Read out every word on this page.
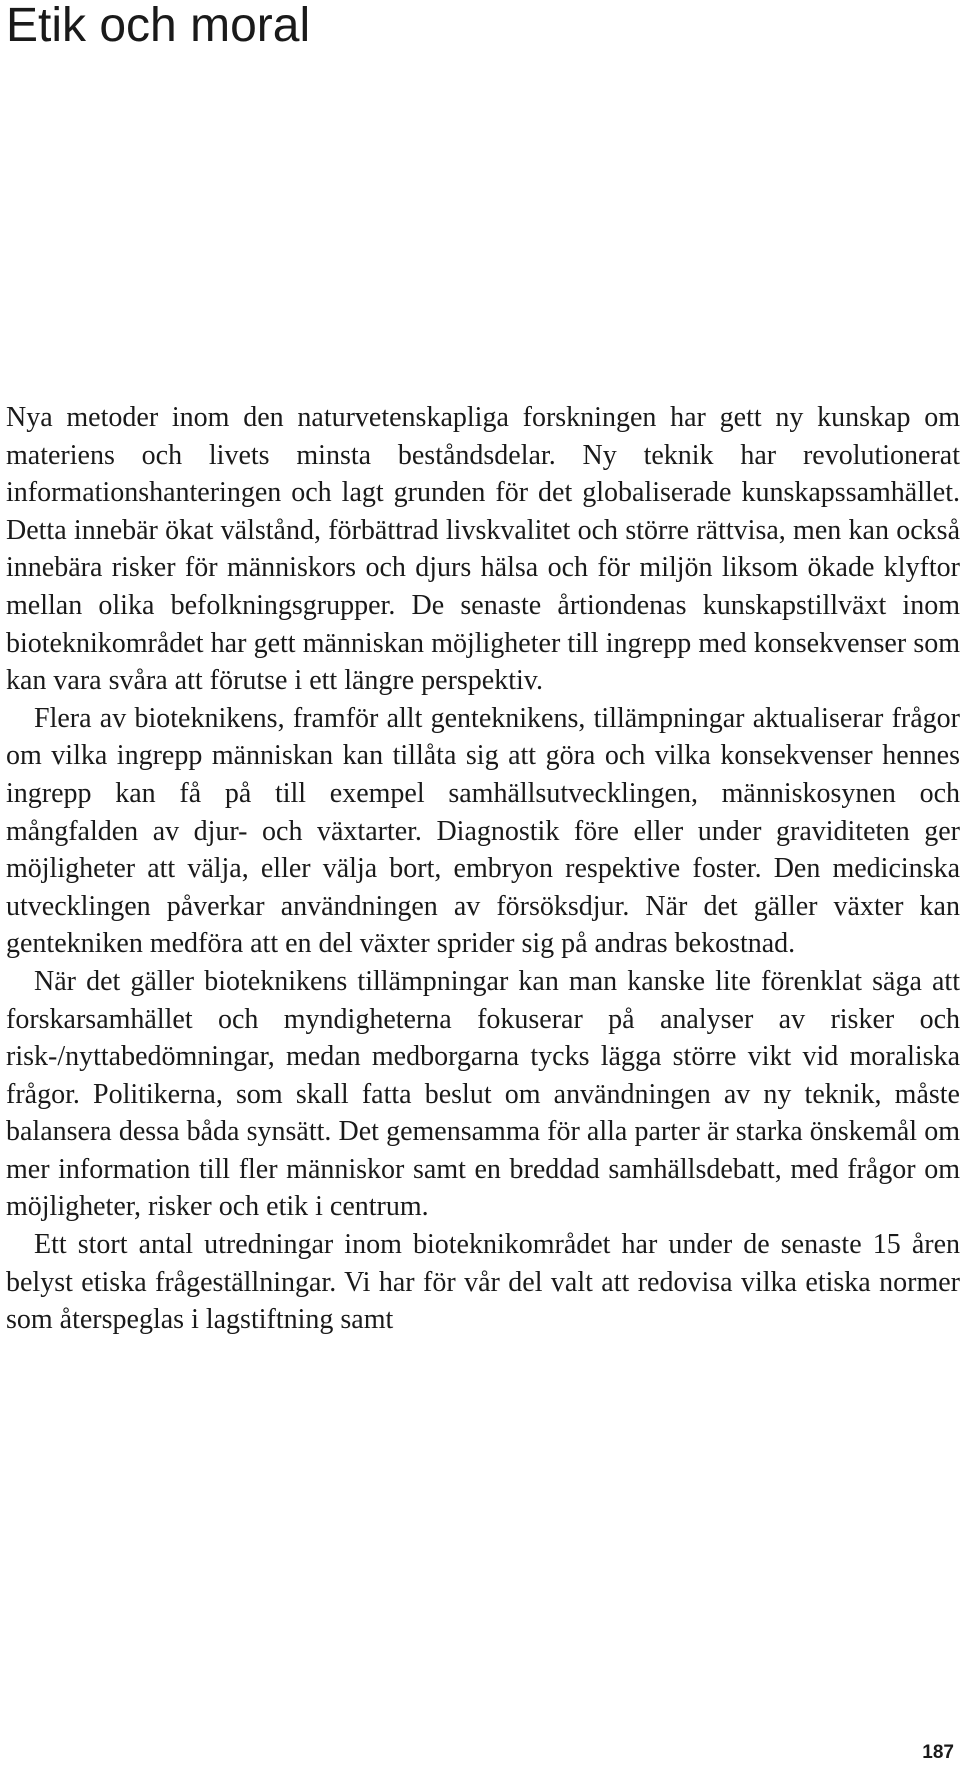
Etik och moral

Nya metoder inom den naturvetenskapliga forskningen har gett ny kunskap om materiens och livets minsta beståndsdelar. Ny teknik har revolutionerat informationshanteringen och lagt grunden för det globaliserade kunskapssamhället. Detta innebär ökat välstånd, förbättrad livskvalitet och större rättvisa, men kan också innebära risker för människors och djurs hälsa och för miljön liksom ökade klyftor mellan olika befolkningsgrupper. De senaste årtiondenas kunskapstillväxt inom bioteknikområdet har gett människan möjligheter till ingrepp med konsekvenser som kan vara svåra att förutse i ett längre perspektiv.

Flera av bioteknikens, framför allt genteknikens, tillämpningar aktualiserar frågor om vilka ingrepp människan kan tillåta sig att göra och vilka konsekvenser hennes ingrepp kan få på till exempel samhällsutvecklingen, människosynen och mångfalden av djur- och växtarter. Diagnostik före eller under graviditeten ger möjligheter att välja, eller välja bort, embryon respektive foster. Den medicinska utvecklingen påverkar användningen av försöksdjur. När det gäller växter kan gentekniken medföra att en del växter sprider sig på andras bekostnad.

När det gäller bioteknikens tillämpningar kan man kanske lite förenklat säga att forskarsamhället och myndigheterna fokuserar på analyser av risker och risk-/nyttabedömningar, medan medborgarna tycks lägga större vikt vid moraliska frågor. Politikerna, som skall fatta beslut om användningen av ny teknik, måste balansera dessa båda synsätt. Det gemensamma för alla parter är starka önskemål om mer information till fler människor samt en breddad samhällsdebatt, med frågor om möjligheter, risker och etik i centrum.

Ett stort antal utredningar inom bioteknikområdet har under de senaste 15 åren belyst etiska frågeställningar. Vi har för vår del valt att redovisa vilka etiska normer som återspeglas i lagstiftning samt

187
